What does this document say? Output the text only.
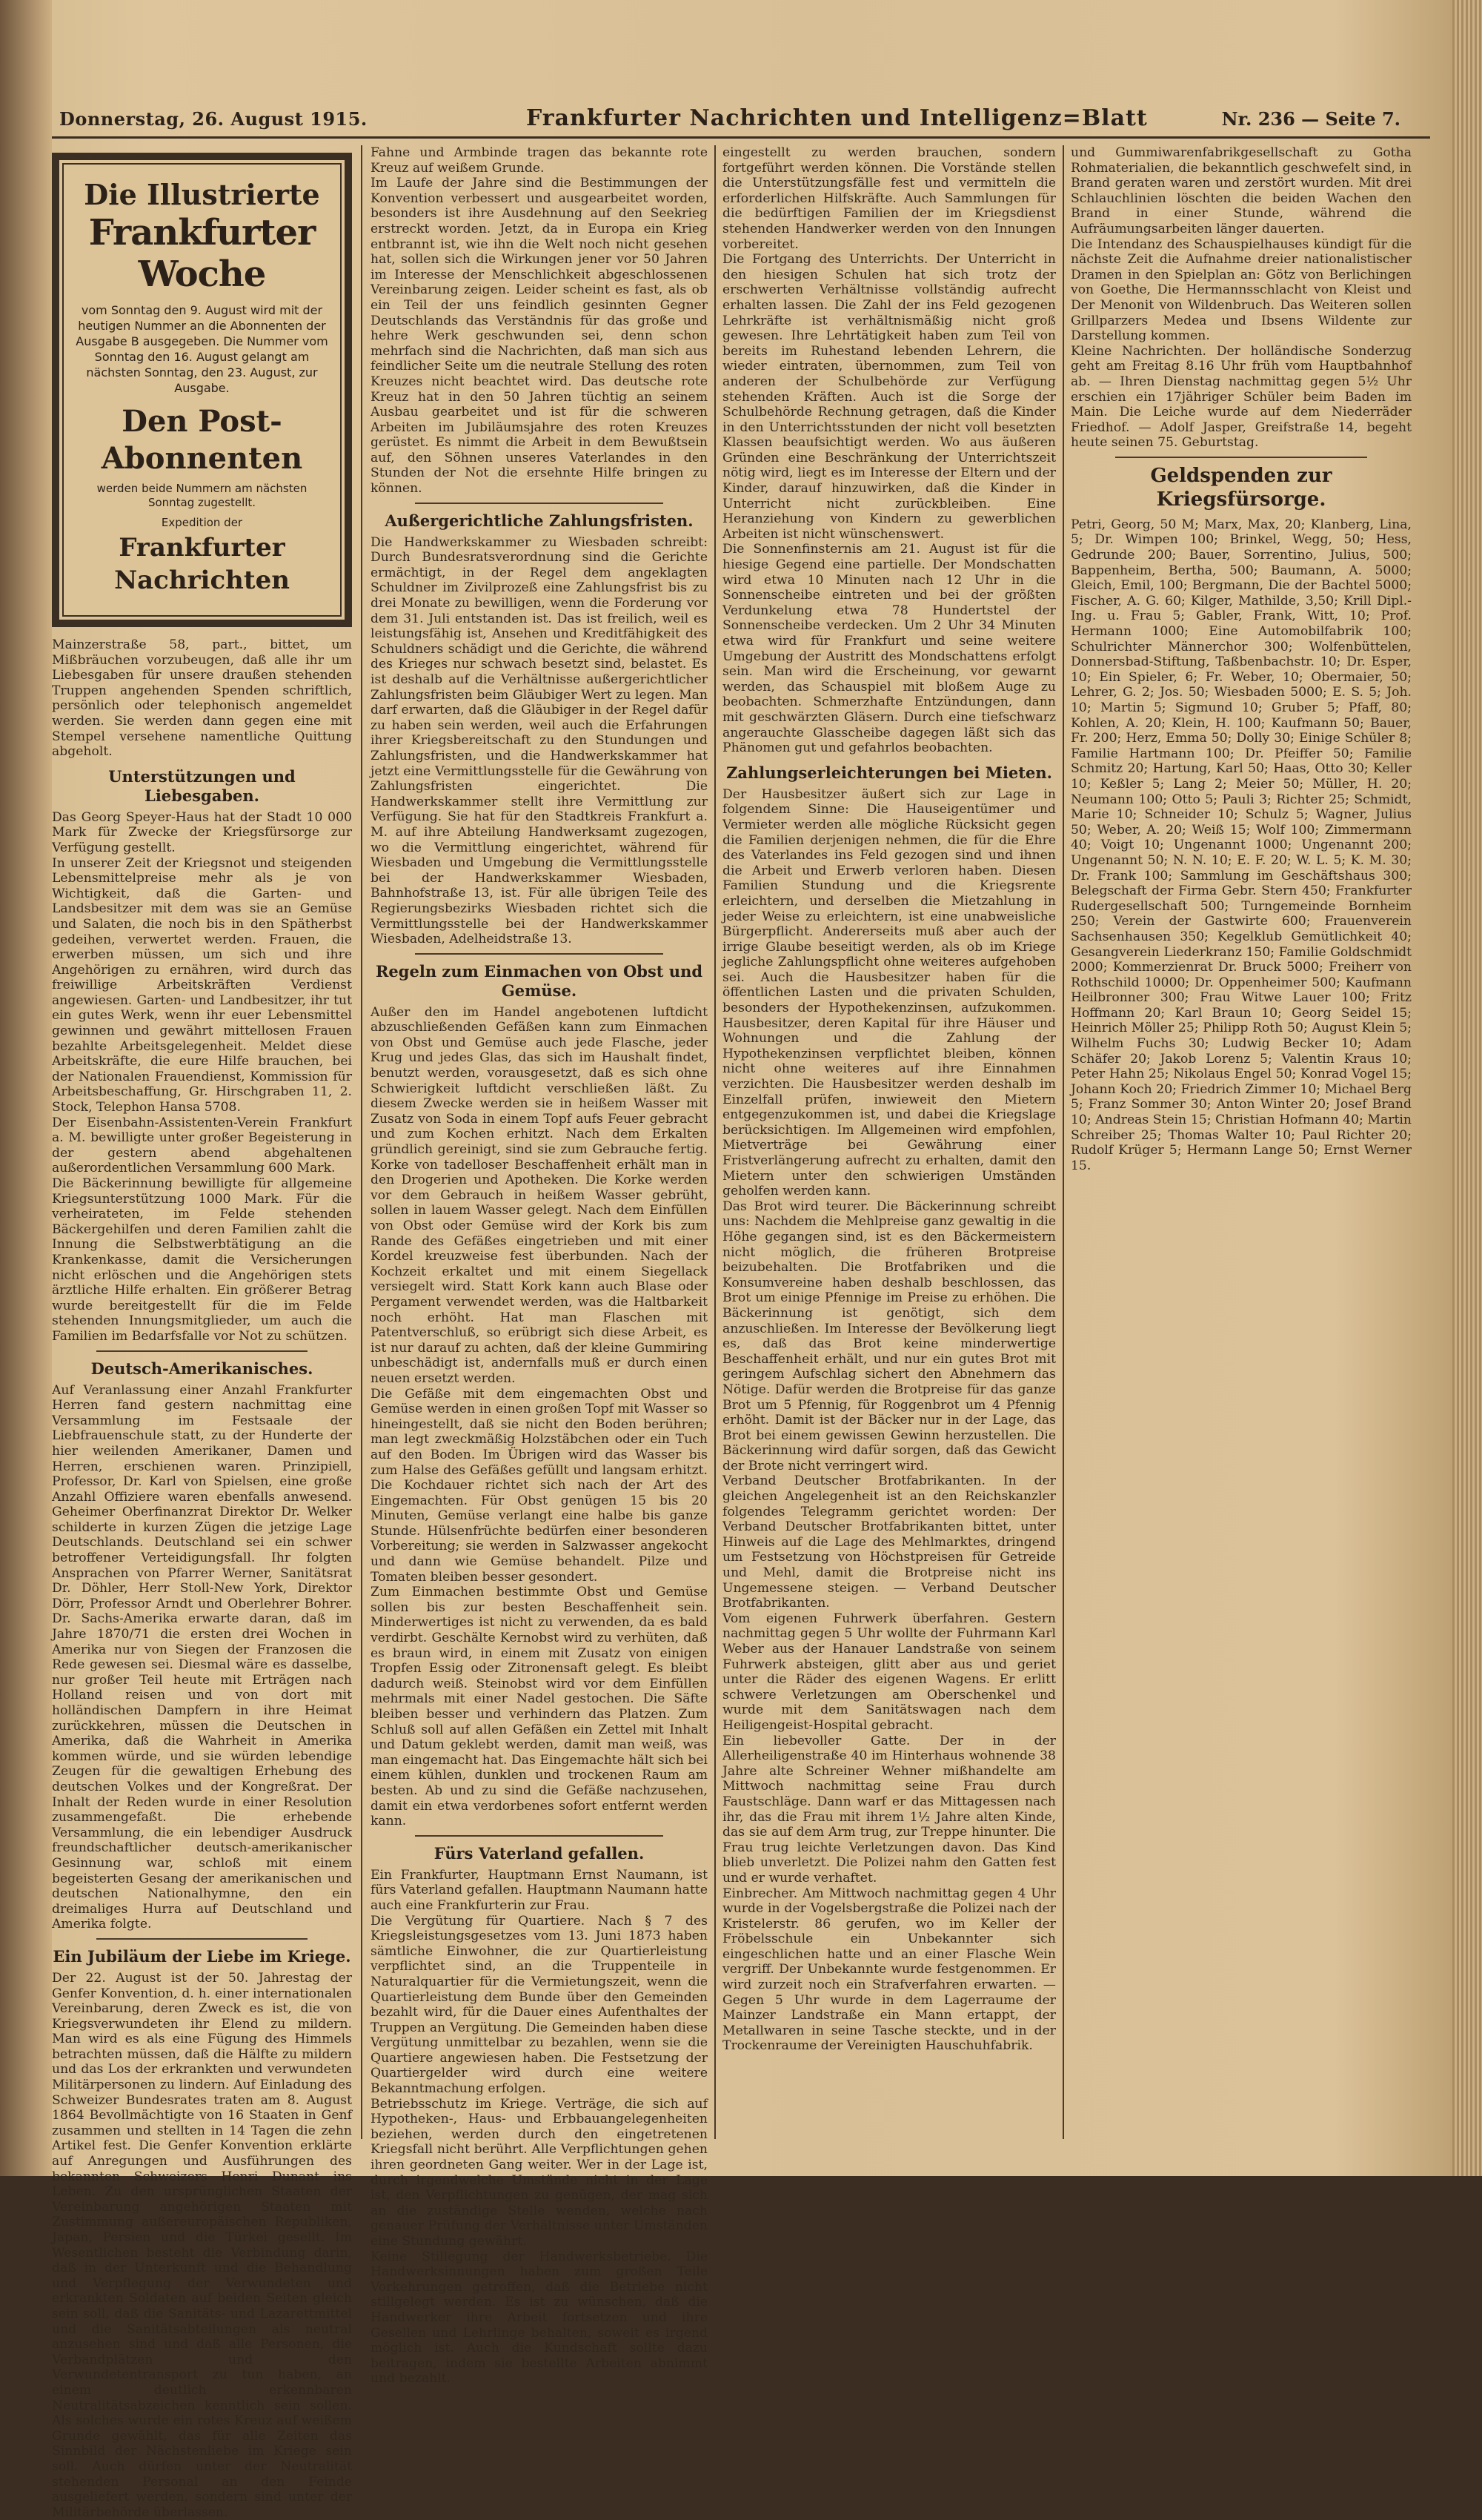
Donnerstag, 26. August 1915.	Frankfurter Nachrichten und Intelligenz=Blatt	Nr. 236 — Seite 7.
Die Illustrierte
Frankfurter Woche
vom Sonntag den 9. August wird mit der heutigen Nummer an die Abonnenten der Ausgabe B ausgegeben. Die Nummer vom Sonntag den 16. August gelangt am nächsten Sonntag, den 23. August, zur Ausgabe.
Den Post-Abonnenten
werden beide Nummern am nächsten Sonntag zugestellt.
Expedition der
Frankfurter Nachrichten

Mainzerstraße 58, part., bittet, um Mißbräuchen vorzubeugen, daß alle ihr um Liebesgaben für unsere draußen stehenden Truppen angehenden Spenden schriftlich, persönlich oder telephonisch angemeldet werden. Sie werden dann gegen eine mit Stempel versehene namentliche Quittung abgeholt.

Unterstützungen und Liebesgaben.

Das Georg Speyer-Haus hat der Stadt 10 000 Mark für Zwecke der Kriegsfürsorge zur Verfügung gestellt.

In unserer Zeit der Kriegsnot und steigenden Lebensmittelpreise mehr als je von Wichtigkeit, daß die Garten- und Landsbesitzer mit dem was sie an Gemüse und Salaten, die noch bis in den Spätherbst gedeihen, verwertet werden. Frauen, die erwerben müssen, um sich und ihre Angehörigen zu ernähren, wird durch das freiwillige Arbeitskräften Verdienst angewiesen. Garten- und Landbesitzer, ihr tut ein gutes Werk, wenn ihr euer Lebensmittel gewinnen und gewährt mittellosen Frauen bezahlte Arbeitsgelegenheit. Meldet diese Arbeitskräfte, die eure Hilfe brauchen, bei der Nationalen Frauendienst, Kommission für Arbeitsbeschaffung, Gr. Hirschgraben 11, 2. Stock, Telephon Hansa 5708.

Der Eisenbahn-Assistenten-Verein Frankfurt a. M. bewilligte unter großer Begeisterung in der gestern abend abgehaltenen außerordentlichen Versammlung 600 Mark.

Die Bäckerinnung bewilligte für allgemeine Kriegsunterstützung 1000 Mark. Für die verheirateten, im Felde stehenden Bäckergehilfen und deren Familien zahlt die Innung die Selbstwerbtätigung an die Krankenkasse, damit die Versicherungen nicht erlöschen und die Angehörigen stets ärztliche Hilfe erhalten. Ein größerer Betrag wurde bereitgestellt für die im Felde stehenden Innungsmitglieder, um auch die Familien im Bedarfsfalle vor Not zu schützen.

Deutsch-Amerikanisches.

Auf Veranlassung einer Anzahl Frankfurter Herren fand gestern nachmittag eine Versammlung im Festsaale der Liebfrauenschule statt, zu der Hunderte der hier weilenden Amerikaner, Damen und Herren, erschienen waren. Prinzipiell, Professor, Dr. Karl von Spielsen, eine große Anzahl Offiziere waren ebenfalls anwesend. Geheimer Oberfinanzrat Direktor Dr. Welker schilderte in kurzen Zügen die jetzige Lage Deutschlands. Deutschland sei ein schwer betroffener Verteidigungsfall. Ihr folgten Ansprachen von Pfarrer Werner, Sanitätsrat Dr. Döhler, Herr Stoll-New York, Direktor Dörr, Professor Arndt und Oberlehrer Bohrer. Dr. Sachs-Amerika erwarte daran, daß im Jahre 1870/71 die ersten drei Wochen in Amerika nur von Siegen der Franzosen die Rede gewesen sei. Diesmal wäre es dasselbe, nur großer Teil heute mit Erträgen nach Holland reisen und von dort mit holländischen Dampfern in ihre Heimat zurückkehren, müssen die Deutschen in Amerika, daß die Wahrheit in Amerika kommen würde, und sie würden lebendige Zeugen für die gewaltigen Erhebung des deutschen Volkes und der Kongreßrat. Der Inhalt der Reden wurde in einer Resolution zusammengefaßt. Die erhebende Versammlung, die ein lebendiger Ausdruck freundschaftlicher deutsch-amerikanischer Gesinnung war, schloß mit einem begeisterten Gesang der amerikanischen und deutschen Nationalhymne, den ein dreimaliges Hurra auf Deutschland und Amerika folgte.

Ein Jubiläum der Liebe im Kriege.

Der 22. August ist der 50. Jahrestag der Genfer Konvention, d. h. einer internationalen Vereinbarung, deren Zweck es ist, die von Kriegsverwundeten ihr Elend zu mildern. Man wird es als eine Fügung des Himmels betrachten müssen, daß die Hälfte zu mildern und das Los der erkrankten und verwundeten Militärpersonen zu lindern. Auf Einladung des Schweizer Bundesrates traten am 8. August 1864 Bevollmächtigte von 16 Staaten in Genf zusammen und stellten in 14 Tagen die zehn Artikel fest. Die Genfer Konvention erklärte auf Anregungen und Ausführungen des bekannten Schweizers Henri Dunant ins Leben. Zu den ursprünglichen Staaten der Vereinbarung angehörigen Staaten mit Zustimmung außereuropäischen Republiken, Japan, Persien und die Türkei gesellt. Im Wesentlichen besteht die Verbindung darin, daß in der Unterkunft und die Behandlung und Verpflegung der Verwundeten und erkrankten Soldaten auf beiden Seiten gleich sein soll, daß die Sanitäts- und Lazarettmittel und die Sanitätsabteilungen als neutral anzusehen sind und daß alle Personen, die Verbandplätzen und den Verwundetentransport zu tun haben, an einem deutlich erkennbaren Neutralitätsabzeichen kenntlich sein sollen. Als solches wurde ein rotes Kreuz auf weißem Grunde gewählt, das für alle Zeiten das Sinnbild der Nächstenliebe im Kriege sein soll. Auch dürfen unter der Neutralität stehenden Personal an den Feinde ausgeliefert werden, sondern sind unter der Militärbehörde überlassen.

Fahne und Armbinde tragen das bekannte rote Kreuz auf weißem Grunde.

Im Laufe der Jahre sind die Bestimmungen der Konvention verbessert und ausgearbeitet worden, besonders ist ihre Ausdehnung auf den Seekrieg erstreckt worden. Jetzt, da in Europa ein Krieg entbrannt ist, wie ihn die Welt noch nicht gesehen hat, sollen sich die Wirkungen jener vor 50 Jahren im Interesse der Menschlichkeit abgeschlossenen Vereinbarung zeigen. Leider scheint es fast, als ob ein Teil der uns feindlich gesinnten Gegner Deutschlands das Verständnis für das große und hehre Werk geschwunden sei, denn schon mehrfach sind die Nachrichten, daß man sich aus feindlicher Seite um die neutrale Stellung des roten Kreuzes nicht beachtet wird. Das deutsche rote Kreuz hat in den 50 Jahren tüchtig an seinem Ausbau gearbeitet und ist für die schweren Arbeiten im Jubiläumsjahre des roten Kreuzes gerüstet. Es nimmt die Arbeit in dem Bewußtsein auf, den Söhnen unseres Vaterlandes in den Stunden der Not die ersehnte Hilfe bringen zu können.

Außergerichtliche Zahlungsfristen.

Die Handwerkskammer zu Wiesbaden schreibt: Durch Bundesratsverordnung sind die Gerichte ermächtigt, in der Regel dem angeklagten Schuldner im Zivilprozeß eine Zahlungsfrist bis zu drei Monate zu bewilligen, wenn die Forderung vor dem 31. Juli entstanden ist. Das ist freilich, weil es leistungsfähig ist, Ansehen und Kreditfähigkeit des Schuldners schädigt und die Gerichte, die während des Krieges nur schwach besetzt sind, belastet. Es ist deshalb auf die Verhältnisse außergerichtlicher Zahlungsfristen beim Gläubiger Wert zu legen. Man darf erwarten, daß die Gläubiger in der Regel dafür zu haben sein werden, weil auch die Erfahrungen ihrer Kriegsbereitschaft zu den Stundungen und Zahlungsfristen, und die Handwerkskammer hat jetzt eine Vermittlungsstelle für die Gewährung von Zahlungsfristen eingerichtet. Die Handwerkskammer stellt ihre Vermittlung zur Verfügung. Sie hat für den Stadtkreis Frankfurt a. M. auf ihre Abteilung Handwerksamt zugezogen, wo die Vermittlung eingerichtet, während für Wiesbaden und Umgebung die Vermittlungsstelle bei der Handwerkskammer Wiesbaden, Bahnhofstraße 13, ist. Für alle übrigen Teile des Regierungsbezirks Wiesbaden richtet sich die Vermittlungsstelle bei der Handwerkskammer Wiesbaden, Adelheidstraße 13.

Regeln zum Einmachen von Obst und Gemüse.

Außer den im Handel angebotenen luftdicht abzuschließenden Gefäßen kann zum Einmachen von Obst und Gemüse auch jede Flasche, jeder Krug und jedes Glas, das sich im Haushalt findet, benutzt werden, vorausgesetzt, daß es sich ohne Schwierigkeit luftdicht verschließen läßt. Zu diesem Zwecke werden sie in heißem Wasser mit Zusatz von Soda in einem Topf aufs Feuer gebracht und zum Kochen erhitzt. Nach dem Erkalten gründlich gereinigt, sind sie zum Gebrauche fertig. Korke von tadelloser Beschaffenheit erhält man in den Drogerien und Apotheken. Die Korke werden vor dem Gebrauch in heißem Wasser gebrüht, sollen in lauem Wasser gelegt. Nach dem Einfüllen von Obst oder Gemüse wird der Kork bis zum Rande des Gefäßes eingetrieben und mit einer Kordel kreuzweise fest überbunden. Nach der Kochzeit erkaltet und mit einem Siegellack versiegelt wird. Statt Kork kann auch Blase oder Pergament verwendet werden, was die Haltbarkeit noch erhöht. Hat man Flaschen mit Patentverschluß, so erübrigt sich diese Arbeit, es ist nur darauf zu achten, daß der kleine Gummiring unbeschädigt ist, andernfalls muß er durch einen neuen ersetzt werden.

Die Gefäße mit dem eingemachten Obst und Gemüse werden in einen großen Topf mit Wasser so hineingestellt, daß sie nicht den Boden berühren; man legt zweckmäßig Holzstäbchen oder ein Tuch auf den Boden. Im Übrigen wird das Wasser bis zum Halse des Gefäßes gefüllt und langsam erhitzt. Die Kochdauer richtet sich nach der Art des Eingemachten. Für Obst genügen 15 bis 20 Minuten, Gemüse verlangt eine halbe bis ganze Stunde. Hülsenfrüchte bedürfen einer besonderen Vorbereitung; sie werden in Salzwasser angekocht und dann wie Gemüse behandelt. Pilze und Tomaten bleiben besser gesondert.

Zum Einmachen bestimmte Obst und Gemüse sollen bis zur besten Beschaffenheit sein. Minderwertiges ist nicht zu verwenden, da es bald verdirbt. Geschälte Kernobst wird zu verhüten, daß es braun wird, in einem mit Zusatz von einigen Tropfen Essig oder Zitronensaft gelegt. Es bleibt dadurch weiß. Steinobst wird vor dem Einfüllen mehrmals mit einer Nadel gestochen. Die Säfte bleiben besser und verhindern das Platzen. Zum Schluß soll auf allen Gefäßen ein Zettel mit Inhalt und Datum geklebt werden, damit man weiß, was man eingemacht hat. Das Eingemachte hält sich bei einem kühlen, dunklen und trockenen Raum am besten. Ab und zu sind die Gefäße nachzusehen, damit ein etwa verdorbenes sofort entfernt werden kann.

Fürs Vaterland gefallen.

Ein Frankfurter, Hauptmann Ernst Naumann, ist fürs Vaterland gefallen. Hauptmann Naumann hatte auch eine Frankfurterin zur Frau.

Die Vergütung für Quartiere. Nach § 7 des Kriegsleistungsgesetzes vom 13. Juni 1873 haben sämtliche Einwohner, die zur Quartierleistung verpflichtet sind, an die Truppenteile in Naturalquartier für die Vermietungszeit, wenn die Quartierleistung dem Bunde über den Gemeinden bezahlt wird, für die Dauer eines Aufenthaltes der Truppen an Vergütung. Die Gemeinden haben diese Vergütung unmittelbar zu bezahlen, wenn sie die Quartiere angewiesen haben. Die Festsetzung der Quartiergelder wird durch eine weitere Bekanntmachung erfolgen.

Betriebsschutz im Kriege. Verträge, die sich auf Hypotheken-, Haus- und Erbbauangelegenheiten beziehen, werden durch den eingetretenen Kriegsfall nicht berührt. Alle Verpflichtungen gehen ihren geordneten Gang weiter. Wer in der Lage ist, durch irgendwelche Umstände nicht in der Lage ist, den Verpflichtungen zu genügen, der mag sich an die zuständige Stelle wenden, welche nach genauer Prüfung der Verhältnisse unter Umständen eine Stundung gewährt.

Keine Stillegung der Handwerksbetriebe. Die Handwerksinnungen haben zum großen Teile Vorkehrungen getroffen, daß die Betriebe nicht stillgelegt werden. Es ist zu wünschen, daß die Handwerker ihre Arbeit fortsetzen und ihre Gesellen und Lehrlinge behalten, soweit es irgend möglich ist. Auch die Kundschaft sollte dazu beitragen, indem sie bestellte Arbeiten abnimmt und bezahlt.

eingestellt zu werden brauchen, sondern fortgeführt werden können. Die Vorstände stellen die Unterstützungsfälle fest und vermitteln die erforderlichen Hilfskräfte. Auch Sammlungen für die bedürftigen Familien der im Kriegsdienst stehenden Handwerker werden von den Innungen vorbereitet.

Die Fortgang des Unterrichts. Der Unterricht in den hiesigen Schulen hat sich trotz der erschwerten Verhältnisse vollständig aufrecht erhalten lassen. Die Zahl der ins Feld gezogenen Lehrkräfte ist verhältnismäßig nicht groß gewesen. Ihre Lehrtätigkeit haben zum Teil von bereits im Ruhestand lebenden Lehrern, die wieder eintraten, übernommen, zum Teil von anderen der Schulbehörde zur Verfügung stehenden Kräften. Auch ist die Sorge der Schulbehörde Rechnung getragen, daß die Kinder in den Unterrichtsstunden der nicht voll besetzten Klassen beaufsichtigt werden. Wo aus äußeren Gründen eine Beschränkung der Unterrichtszeit nötig wird, liegt es im Interesse der Eltern und der Kinder, darauf hinzuwirken, daß die Kinder in Unterricht nicht zurückbleiben. Eine Heranziehung von Kindern zu gewerblichen Arbeiten ist nicht wünschenswert.

Die Sonnenfinsternis am 21. August ist für die hiesige Gegend eine partielle. Der Mondschatten wird etwa 10 Minuten nach 12 Uhr in die Sonnenscheibe eintreten und bei der größten Verdunkelung etwa 78 Hundertstel der Sonnenscheibe verdecken. Um 2 Uhr 34 Minuten etwa wird für Frankfurt und seine weitere Umgebung der Austritt des Mondschattens erfolgt sein. Man wird die Erscheinung, vor gewarnt werden, das Schauspiel mit bloßem Auge zu beobachten. Schmerzhafte Entzündungen, dann mit geschwärzten Gläsern. Durch eine tiefschwarz angerauchte Glasscheibe dagegen läßt sich das Phänomen gut und gefahrlos beobachten.

Zahlungserleichterungen bei Mieten.

Der Hausbesitzer äußert sich zur Lage in folgendem Sinne: Die Hauseigentümer und Vermieter werden alle mögliche Rücksicht gegen die Familien derjenigen nehmen, die für die Ehre des Vaterlandes ins Feld gezogen sind und ihnen die Arbeit und Erwerb verloren haben. Diesen Familien Stundung und die Kriegsrente erleichtern, und derselben die Mietzahlung in jeder Weise zu erleichtern, ist eine unabweisliche Bürgerpflicht. Andererseits muß aber auch der irrige Glaube beseitigt werden, als ob im Kriege jegliche Zahlungspflicht ohne weiteres aufgehoben sei. Auch die Hausbesitzer haben für die öffentlichen Lasten und die privaten Schulden, besonders der Hypothekenzinsen, aufzukommen. Hausbesitzer, deren Kapital für ihre Häuser und Wohnungen und die Zahlung der Hypothekenzinsen verpflichtet bleiben, können nicht ohne weiteres auf ihre Einnahmen verzichten. Die Hausbesitzer werden deshalb im Einzelfall prüfen, inwieweit den Mietern entgegenzukommen ist, und dabei die Kriegslage berücksichtigen. Im Allgemeinen wird empfohlen, Mietverträge bei Gewährung einer Fristverlängerung aufrecht zu erhalten, damit den Mietern unter den schwierigen Umständen geholfen werden kann.

Das Brot wird teurer. Die Bäckerinnung schreibt uns: Nachdem die Mehlpreise ganz gewaltig in die Höhe gegangen sind, ist es den Bäckermeistern nicht möglich, die früheren Brotpreise beizubehalten. Die Brotfabriken und die Konsumvereine haben deshalb beschlossen, das Brot um einige Pfennige im Preise zu erhöhen. Die Bäckerinnung ist genötigt, sich dem anzuschließen. Im Interesse der Bevölkerung liegt es, daß das Brot keine minderwertige Beschaffenheit erhält, und nur ein gutes Brot mit geringem Aufschlag sichert den Abnehmern das Nötige. Dafür werden die Brotpreise für das ganze Brot um 5 Pfennig, für Roggenbrot um 4 Pfennig erhöht. Damit ist der Bäcker nur in der Lage, das Brot bei einem gewissen Gewinn herzustellen. Die Bäckerinnung wird dafür sorgen, daß das Gewicht der Brote nicht verringert wird.

Verband Deutscher Brotfabrikanten. In der gleichen Angelegenheit ist an den Reichskanzler folgendes Telegramm gerichtet worden: Der Verband Deutscher Brotfabrikanten bittet, unter Hinweis auf die Lage des Mehlmarktes, dringend um Festsetzung von Höchstpreisen für Getreide und Mehl, damit die Brotpreise nicht ins Ungemessene steigen. — Verband Deutscher Brotfabrikanten.

Vom eigenen Fuhrwerk überfahren. Gestern nachmittag gegen 5 Uhr wollte der Fuhrmann Karl Weber aus der Hanauer Landstraße von seinem Fuhrwerk absteigen, glitt aber aus und geriet unter die Räder des eigenen Wagens. Er erlitt schwere Verletzungen am Oberschenkel und wurde mit dem Sanitätswagen nach dem Heiligengeist-Hospital gebracht.

Ein liebevoller Gatte. Der in der Allerheiligenstraße 40 im Hinterhaus wohnende 38 Jahre alte Schreiner Wehner mißhandelte am Mittwoch nachmittag seine Frau durch Faustschläge. Dann warf er das Mittagessen nach ihr, das die Frau mit ihrem 1½ Jahre alten Kinde, das sie auf dem Arm trug, zur Treppe hinunter. Die Frau trug leichte Verletzungen davon. Das Kind blieb unverletzt. Die Polizei nahm den Gatten fest und er wurde verhaftet.

Einbrecher. Am Mittwoch nachmittag gegen 4 Uhr wurde in der Vogelsbergstraße die Polizei nach der Kristelerstr. 86 gerufen, wo im Keller der Fröbelsschule ein Unbekannter sich eingeschlichen hatte und an einer Flasche Wein vergriff. Der Unbekannte wurde festgenommen. Er wird zurzeit noch ein Strafverfahren erwarten. — Gegen 5 Uhr wurde in dem Lagerraume der Mainzer Landstraße ein Mann ertappt, der Metallwaren in seine Tasche steckte, und in der Trockenraume der Vereinigten Hauschuhfabrik.

und Gummiwarenfabrikgesellschaft zu Gotha Rohmaterialien, die bekanntlich geschwefelt sind, in Brand geraten waren und zerstört wurden. Mit drei Schlauchlinien löschten die beiden Wachen den Brand in einer Stunde, während die Aufräumungsarbeiten länger dauerten.

Die Intendanz des Schauspielhauses kündigt für die nächste Zeit die Aufnahme dreier nationalistischer Dramen in den Spielplan an: Götz von Berlichingen von Goethe, Die Hermannsschlacht von Kleist und Der Menonit von Wildenbruch. Das Weiteren sollen Grillparzers Medea und Ibsens Wildente zur Darstellung kommen.

Kleine Nachrichten. Der holländische Sonderzug geht am Freitag 8.16 Uhr früh vom Hauptbahnhof ab. — Ihren Dienstag nachmittag gegen 5½ Uhr erschien ein 17jähriger Schüler beim Baden im Main. Die Leiche wurde auf dem Niederräder Friedhof. — Adolf Jasper, Greifstraße 14, begeht heute seinen 75. Geburtstag.

Geldspenden zur Kriegsfürsorge.

Petri, Georg, 50 M; Marx, Max, 20; Klanberg, Lina, 5; Dr. Wimpen 100; Brinkel, Wegg, 50; Hess, Gedrunde 200; Bauer, Sorrentino, Julius, 500; Bappenheim, Bertha, 500; Baumann, A. 5000; Gleich, Emil, 100; Bergmann, Die der Bachtel 5000; Fischer, A. G. 60; Kilger, Mathilde, 3,50; Krill Dipl.-Ing. u. Frau 5; Gabler, Frank, Witt, 10; Prof. Hermann 1000; Eine Automobilfabrik 100; Schulrichter Männerchor 300; Wolfenbüttelen, Donnersbad-Stiftung, Taßbenbachstr. 10; Dr. Esper, 10; Ein Spieler, 6; Fr. Weber, 10; Obermaier, 50; Lehrer, G. 2; Jos. 50; Wiesbaden 5000; E. S. 5; Joh. 10; Martin 5; Sigmund 10; Gruber 5; Pfaff, 80; Kohlen, A. 20; Klein, H. 100; Kaufmann 50; Bauer, Fr. 200; Herz, Emma 50; Dolly 30; Einige Schüler 8; Familie Hartmann 100; Dr. Pfeiffer 50; Familie Schmitz 20; Hartung, Karl 50; Haas, Otto 30; Keller 10; Keßler 5; Lang 2; Meier 50; Müller, H. 20; Neumann 100; Otto 5; Pauli 3; Richter 25; Schmidt, Marie 10; Schneider 10; Schulz 5; Wagner, Julius 50; Weber, A. 20; Weiß 15; Wolf 100; Zimmermann 40; Voigt 10; Ungenannt 1000; Ungenannt 200; Ungenannt 50; N. N. 10; E. F. 20; W. L. 5; K. M. 30; Dr. Frank 100; Sammlung im Geschäftshaus 300; Belegschaft der Firma Gebr. Stern 450; Frankfurter Rudergesellschaft 500; Turngemeinde Bornheim 250; Verein der Gastwirte 600; Frauenverein Sachsenhausen 350; Kegelklub Gemütlichkeit 40; Gesangverein Liederkranz 150; Familie Goldschmidt 2000; Kommerzienrat Dr. Bruck 5000; Freiherr von Rothschild 10000; Dr. Oppenheimer 500; Kaufmann Heilbronner 300; Frau Witwe Lauer 100; Fritz Hoffmann 20; Karl Braun 10; Georg Seidel 15; Heinrich Möller 25; Philipp Roth 50; August Klein 5; Wilhelm Fuchs 30; Ludwig Becker 10; Adam Schäfer 20; Jakob Lorenz 5; Valentin Kraus 10; Peter Hahn 25; Nikolaus Engel 50; Konrad Vogel 15; Johann Koch 20; Friedrich Zimmer 10; Michael Berg 5; Franz Sommer 30; Anton Winter 20; Josef Brand 10; Andreas Stein 15; Christian Hofmann 40; Martin Schreiber 25; Thomas Walter 10; Paul Richter 20; Rudolf Krüger 5; Hermann Lange 50; Ernst Werner 15.
